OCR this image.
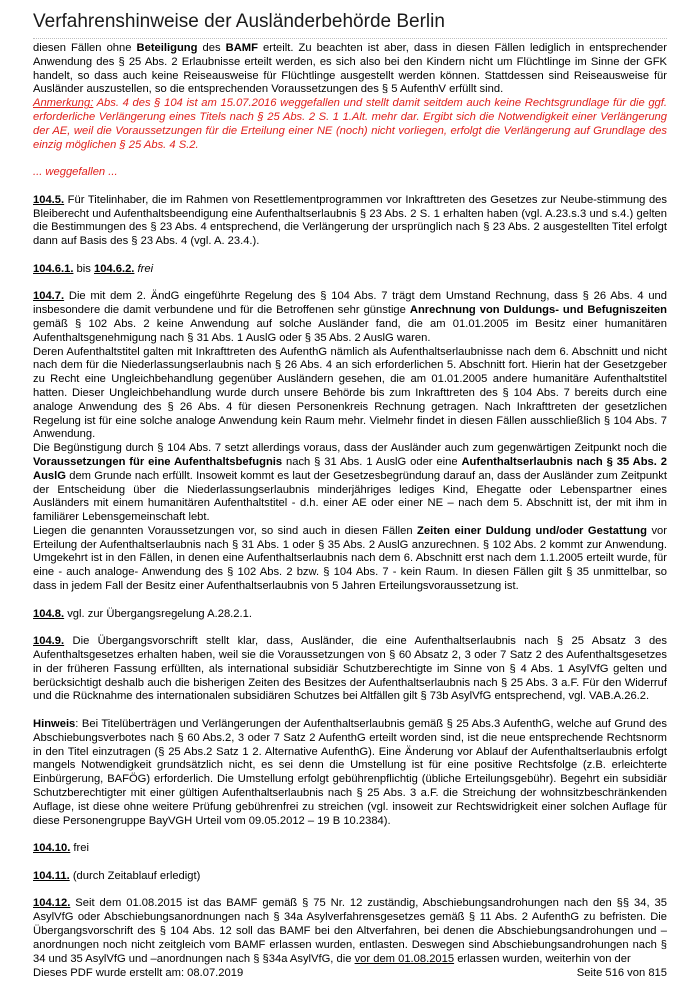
Verfahrenshinweise der Ausländerbehörde Berlin

diesen Fällen ohne Beteiligung des BAMF erteilt. Zu beachten ist aber, dass in diesen Fällen lediglich in entsprechender Anwendung des § 25 Abs. 2 Erlaubnisse erteilt werden, es sich also bei den Kindern nicht um Flüchtlinge im Sinne der GFK handelt, so dass auch keine Reiseausweise für Flüchtlinge ausgestellt werden können. Stattdessen sind Reiseausweise für Ausländer auszustellen, so die entsprechenden Voraussetzungen des § 5 AufenthV erfüllt sind.

Anmerkung: Abs. 4 des § 104 ist am 15.07.2016 weggefallen und stellt damit seitdem auch keine Rechtsgrundlage für die ggf. erforderliche Verlängerung eines Titels nach § 25 Abs. 2 S. 1 1.Alt. mehr dar. Ergibt sich die Notwendigkeit einer Verlängerung der AE, weil die Voraussetzungen für die Erteilung einer NE (noch) nicht vorliegen, erfolgt die Verlängerung auf Grundlage des einzig möglichen § 25 Abs. 4 S.2.

... weggefallen ...

104.5. Für Titelinhaber, die im Rahmen von Resettlementprogrammen vor Inkrafttreten des Gesetzes zur Neube-stimmung des Bleiberecht und Aufenthaltsbeendigung eine Aufenthaltserlaubnis § 23 Abs. 2 S. 1 erhalten haben (vgl. A.23.s.3 und s.4.) gelten die Bestimmungen des § 23 Abs. 4 entsprechend, die Verlängerung der ursprünglich nach § 23 Abs. 2 ausgestellten Titel erfolgt dann auf Basis des § 23 Abs. 4 (vgl. A. 23.4.).

104.6.1. bis 104.6.2. frei

104.7. Die mit dem 2. ÄndG eingeführte Regelung des § 104 Abs. 7 trägt dem Umstand Rechnung, dass § 26 Abs. 4 und insbesondere die damit verbundene und für die Betroffenen sehr günstige Anrechnung von Duldungs- und Befugniszeiten gemäß § 102 Abs. 2 keine Anwendung auf solche Ausländer fand, die am 01.01.2005 im Besitz einer humanitären Aufenthaltsgenehmigung nach § 31 Abs. 1 AuslG oder § 35 Abs. 2 AuslG waren.

Deren Aufenthaltstitel galten mit Inkrafttreten des AufenthG nämlich als Aufenthaltserlaubnisse nach dem 6. Abschnitt und nicht nach dem für die Niederlassungserlaubnis nach § 26 Abs. 4 an sich erforderlichen 5. Abschnitt fort. Hierin hat der Gesetzgeber zu Recht eine Ungleichbehandlung gegenüber Ausländern gesehen, die am 01.01.2005 andere humanitäre Aufenthaltstitel hatten. Dieser Ungleichbehandlung wurde durch unsere Behörde bis zum Inkrafttreten des § 104 Abs. 7 bereits durch eine analoge Anwendung des § 26 Abs. 4 für diesen Personenkreis Rechnung getragen. Nach Inkrafttreten der gesetzlichen Regelung ist für eine solche analoge Anwendung kein Raum mehr. Vielmehr findet in diesen Fällen ausschließlich § 104 Abs. 7 Anwendung.

Die Begünstigung durch § 104 Abs. 7 setzt allerdings voraus, dass der Ausländer auch zum gegenwärtigen Zeitpunkt noch die Voraussetzungen für eine Aufenthaltsbefugnis nach § 31 Abs. 1 AuslG oder eine Aufenthaltserlaubnis nach § 35 Abs. 2 AuslG dem Grunde nach erfüllt. Insoweit kommt es laut der Gesetzesbegründung darauf an, dass der Ausländer zum Zeitpunkt der Entscheidung über die Niederlassungserlaubnis minderjähriges lediges Kind, Ehegatte oder Lebenspartner eines Ausländers mit einem humanitären Aufenthaltstitel - d.h. einer AE oder einer NE – nach dem 5. Abschnitt ist, der mit ihm in familiärer Lebensgemeinschaft lebt.

Liegen die genannten Voraussetzungen vor, so sind auch in diesen Fällen Zeiten einer Duldung und/oder Gestattung vor Erteilung der Aufenthaltserlaubnis nach § 31 Abs. 1 oder § 35 Abs. 2 AuslG anzurechnen. § 102 Abs. 2 kommt zur Anwendung. Umgekehrt ist in den Fällen, in denen eine Aufenthaltserlaubnis nach dem 6. Abschnitt erst nach dem 1.1.2005 erteilt wurde, für eine - auch analoge- Anwendung des § 102 Abs. 2 bzw. § 104 Abs. 7 - kein Raum. In diesen Fällen gilt § 35 unmittelbar, so dass in jedem Fall der Besitz einer Aufenthaltserlaubnis von 5 Jahren Erteilungsvoraussetzung ist.

104.8. vgl. zur Übergangsregelung A.28.2.1.

104.9. Die Übergangsvorschrift stellt klar, dass, Ausländer, die eine Aufenthaltserlaubnis nach § 25 Absatz 3 des Aufenthaltsgesetzes erhalten haben, weil sie die Voraussetzungen von § 60 Absatz 2, 3 oder 7 Satz 2 des Aufenthaltsgesetzes in der früheren Fassung erfüllten, als international subsidiär Schutzberechtigte im Sinne von § 4 Abs. 1 AsylVfG gelten und berücksichtigt deshalb auch die bisherigen Zeiten des Besitzes der Aufenthaltserlaubnis nach § 25 Abs. 3 a.F. Für den Widerruf und die Rücknahme des internationalen subsidiären Schutzes bei Altfällen gilt § 73b AsylVfG entsprechend, vgl. VAB.A.26.2.

Hinweis: Bei Titelüberträgen und Verlängerungen der Aufenthaltserlaubnis gemäß § 25 Abs.3 AufenthG, welche auf Grund des Abschiebungsverbotes nach § 60 Abs.2, 3 oder 7 Satz 2 AufenthG erteilt worden sind, ist die neue entsprechende Rechtsnorm in den Titel einzutragen (§ 25 Abs.2 Satz 1 2. Alternative AufenthG). Eine Änderung vor Ablauf der Aufenthaltserlaubnis erfolgt mangels Notwendigkeit grundsätzlich nicht, es sei denn die Umstellung ist für eine positive Rechtsfolge (z.B. erleichterte Einbürgerung, BAFÖG) erforderlich. Die Umstellung erfolgt gebührenpflichtig (übliche Erteilungsgebühr). Begehrt ein subsidiär Schutzberechtigter mit einer gültigen Aufenthaltserlaubnis nach § 25 Abs. 3 a.F. die Streichung der wohnsitzbeschränkenden Auflage, ist diese ohne weitere Prüfung gebührenfrei zu streichen (vgl. insoweit zur Rechtswidrigkeit einer solchen Auflage für diese Personengruppe BayVGH Urteil vom 09.05.2012 – 19 B 10.2384).

104.10. frei

104.11. (durch Zeitablauf erledigt)

104.12. Seit dem 01.08.2015 ist das BAMF gemäß § 75 Nr. 12 zuständig, Abschiebungsandrohungen nach den §§ 34, 35 AsylVfG oder Abschiebungsanordnungen nach § 34a Asylverfahrensgesetzes gemäß § 11 Abs. 2 AufenthG zu befristen. Die Übergangsvorschrift des § 104 Abs. 12 soll das BAMF bei den Altverfahren, bei denen die Abschiebungsandrohungen und –anordnungen noch nicht zeitgleich vom BAMF erlassen wurden, entlasten. Deswegen sind Abschiebungsandrohungen nach § 34 und 35 AsylVfG und –anordnungen nach § §34a AsylVfG, die vor dem 01.08.2015 erlassen wurden, weiterhin von der

Dieses PDF wurde erstellt am: 08.07.2019	Seite 516 von 815
